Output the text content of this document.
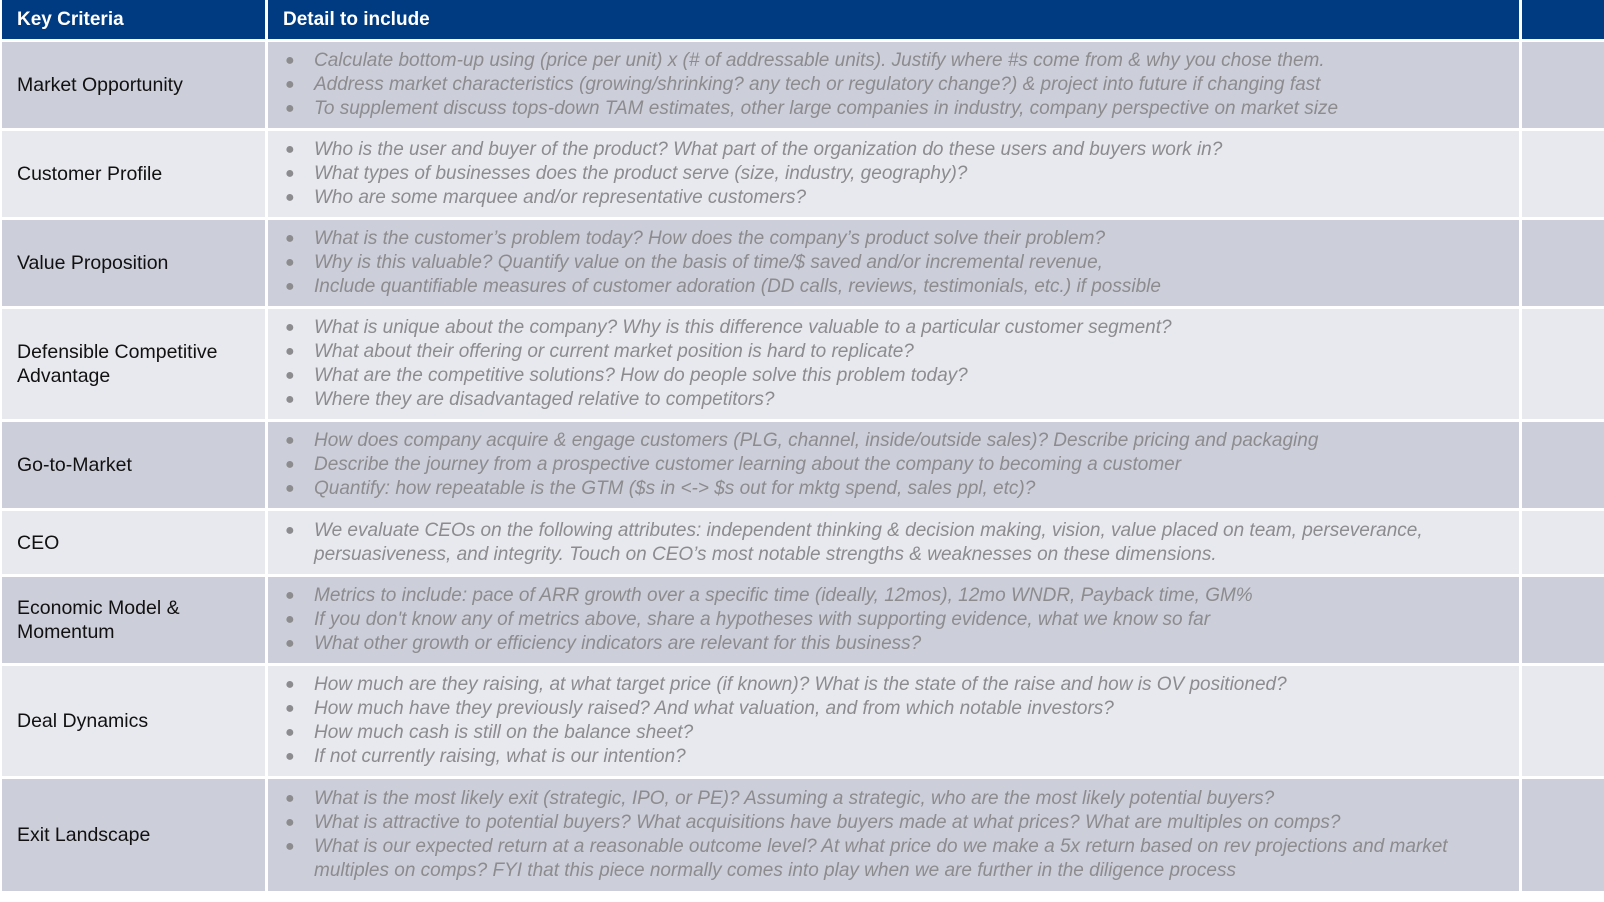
Key Criteria	Detail to include
Market Opportunity
● Calculate bottom-up using (price per unit) x (# of addressable units). Justify where #s come from & why you chose them.
● Address market characteristics (growing/shrinking? any tech or regulatory change?) & project into future if changing fast
● To supplement discuss tops-down TAM estimates, other large companies in industry, company perspective on market size
Customer Profile
● Who is the user and buyer of the product? What part of the organization do these users and buyers work in?
● What types of businesses does the product serve (size, industry, geography)?
● Who are some marquee and/or representative customers?
Value Proposition
● What is the customer’s problem today? How does the company’s product solve their problem?
● Why is this valuable? Quantify value on the basis of time/$ saved and/or incremental revenue,
● Include quantifiable measures of customer adoration (DD calls, reviews, testimonials, etc.) if possible
Defensible Competitive Advantage
● What is unique about the company? Why is this difference valuable to a particular customer segment?
● What about their offering or current market position is hard to replicate?
● What are the competitive solutions? How do people solve this problem today?
● Where they are disadvantaged relative to competitors?
Go-to-Market
● How does company acquire & engage customers (PLG, channel, inside/outside sales)? Describe pricing and packaging
● Describe the journey from a prospective customer learning about the company to becoming a customer
● Quantify: how repeatable is the GTM ($s in <-> $s out for mktg spend, sales ppl, etc)?
CEO
● We evaluate CEOs on the following attributes: independent thinking & decision making, vision, value placed on team, perseverance, persuasiveness, and integrity. Touch on CEO’s most notable strengths & weaknesses on these dimensions.
Economic Model & Momentum
● Metrics to include: pace of ARR growth over a specific time (ideally, 12mos), 12mo WNDR, Payback time, GM%
● If you don't know any of metrics above, share a hypotheses with supporting evidence, what we know so far
● What other growth or efficiency indicators are relevant for this business?
Deal Dynamics
● How much are they raising, at what target price (if known)? What is the state of the raise and how is OV positioned?
● How much have they previously raised? And what valuation, and from which notable investors?
● How much cash is still on the balance sheet?
● If not currently raising, what is our intention?
Exit Landscape
● What is the most likely exit (strategic, IPO, or PE)? Assuming a strategic, who are the most likely potential buyers?
● What is attractive to potential buyers? What acquisitions have buyers made at what prices? What are multiples on comps?
● What is our expected return at a reasonable outcome level? At what price do we make a 5x return based on rev projections and market multiples on comps? FYI that this piece normally comes into play when we are further in the diligence process
